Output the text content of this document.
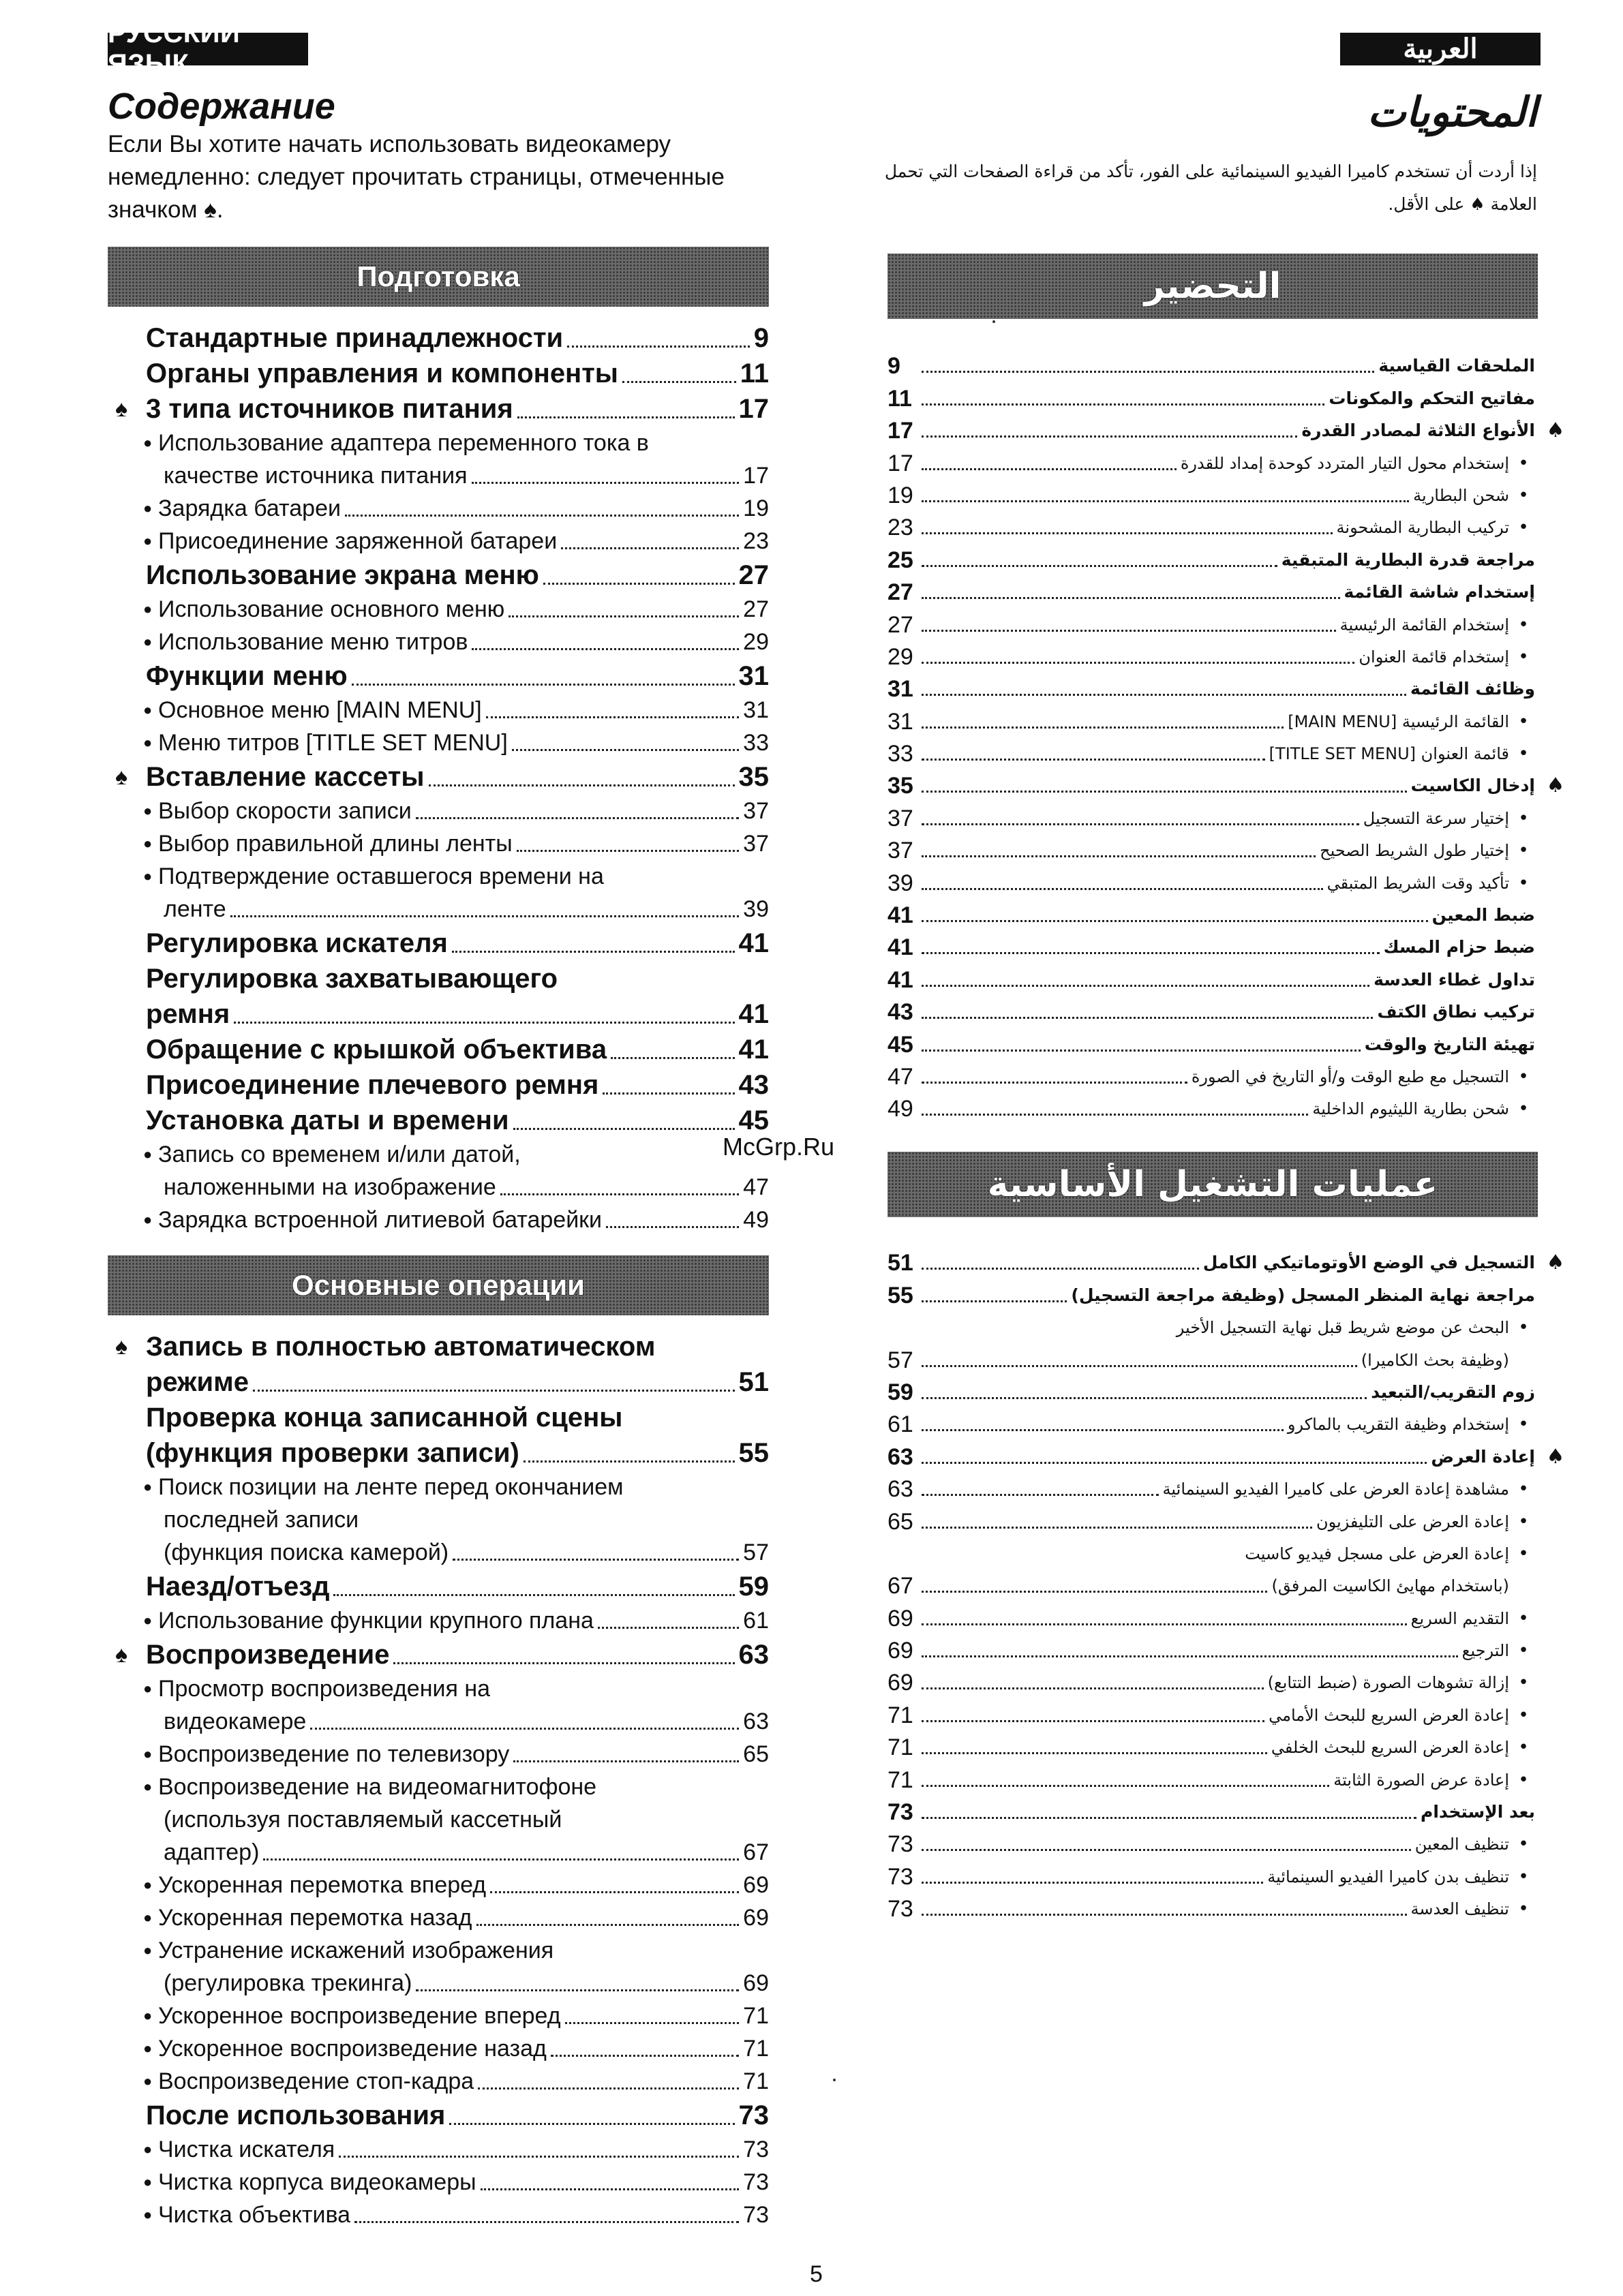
РУССКИЙ ЯЗЫК	العربية
Содержание
Если Вы хотите начать использовать видеокамеру немедленно: следует прочитать страницы, отмеченные значком ♠.
المحتويات
إذا أردت أن تستخدم كاميرا الفيديو السينمائية على الفور، تأكد من قراءة الصفحات التي تحمل العلامة ♠ على الأقل.
Подготовка
Стандартные принадлежности	9
Органы управления и компоненты	11
♠ 3 типа источников питания	17
● Использование адаптера переменного тока в
качестве источника питания	17
● Зарядка батареи	19
● Присоединение заряженной батареи	23
Использование экрана меню	27
● Использование основного меню	27
● Использование меню титров	29
Функции меню	31
● Основное меню [MAIN MENU]	31
● Меню титров [TITLE SET MENU]	33
♠ Вставление кассеты	35
● Выбор скорости записи	37
● Выбор правильной длины ленты	37
● Подтверждение оставшегося времени на
ленте	39
Регулировка искателя	41
Регулировка захватывающего
ремня	41
Обращение с крышкой объектива	41
Присоединение плечевого ремня	43
Установка даты и времени	45
● Запись со временем и/или датой,
наложенными на изображение	47
● Зарядка встроенной литиевой батарейки	49
Основные операции
♠ Запись в полностью автоматическом
режиме	51
Проверка конца записанной сцены
(функция проверки записи)	55
● Поиск позиции на ленте перед окончанием
последней записи
(функция поиска камерой)	57
Наезд/отъезд	59
● Использование функции крупного плана	61
♠ Воспроизведение	63
● Просмотр воспроизведения на
видеокамере	63
● Воспроизведение по телевизору	65
● Воспроизведение на видеомагнитофоне
(используя поставляемый кассетный
адаптер)	67
● Ускоренная перемотка вперед	69
● Ускоренная перемотка назад	69
● Устранение искажений изображения
(регулировка трекинга)	69
● Ускоренное воспроизведение вперед	71
● Ускоренное воспроизведение назад	71
● Воспроизведение стоп-кадра	71
После использования	73
● Чистка искателя	73
● Чистка корпуса видеокамеры	73
● Чистка объектива	73
التحضير
9	الملحقات القياسية
11	مفاتيح التحكم والمكونات
17	الأنواع الثلاثة لمصادر القدرة ♠
17	إستخدام محول التيار المتردد كوحدة إمداد للقدرة •
19	شحن البطارية •
23	تركيب البطارية المشحونة •
25	مراجعة قدرة البطارية المتبقية
27	إستخدام شاشة القائمة
27	إستخدام القائمة الرئيسية •
29	إستخدام قائمة العنوان •
31	وظائف القائمة
31	القائمة الرئيسية [MAIN MENU] •
33	قائمة العنوان [TITLE SET MENU] •
35	إدخال الكاسيت ♠
37	إختيار سرعة التسجيل •
37	إختيار طول الشريط الصحيح •
39	تأكيد وقت الشريط المتبقي •
41	ضبط المعين
41	ضبط حزام المسك
41	تداول غطاء العدسة
43	تركيب نطاق الكتف
45	تهيئة التاريخ والوقت
47	التسجيل مع طبع الوقت و/أو التاريخ في الصورة •
49	شحن بطارية الليثيوم الداخلية •
عمليات التشغيل الأساسية
51	التسجيل في الوضع الأوتوماتيكي الكامل ♠
55	مراجعة نهاية المنظر المسجل (وظيفة مراجعة التسجيل)
البحث عن موضع شريط قبل نهاية التسجيل الأخير •
57	(وظيفة بحث الكاميرا)
59	زوم التقريب/التبعيد
61	إستخدام وظيفة التقريب بالماكرو •
63	إعادة العرض ♠
63	مشاهدة إعادة العرض على كاميرا الفيديو السينمائية •
65	إعادة العرض على التليفزيون •
إعادة العرض على مسجل فيديو كاسيت •
67	(باستخدام مهايئ الكاسيت المرفق)
69	التقديم السريع •
69	الترجيع •
69	إزالة تشوهات الصورة (ضبط التتابع) •
71	إعادة العرض السريع للبحث الأمامي •
71	إعادة العرض السريع للبحث الخلفي •
71	إعادة عرض الصورة الثابتة •
73	بعد الإستخدام
73	تنظيف المعين •
73	تنظيف بدن كاميرا الفيديو السينمائية •
73	تنظيف العدسة •
McGrp.Ru
5
